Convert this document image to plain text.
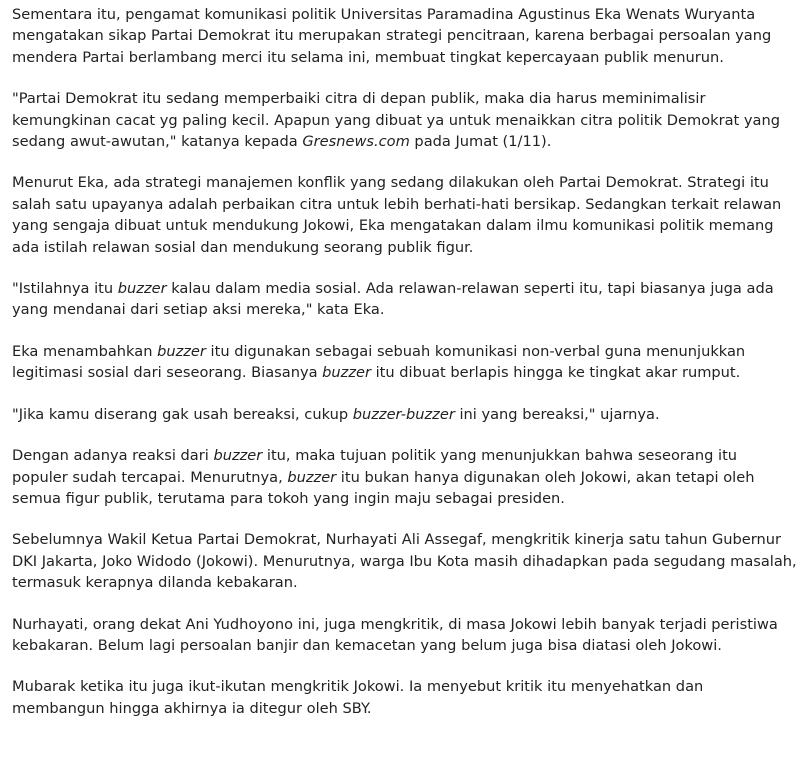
Sementara itu, pengamat komunikasi politik Universitas Paramadina Agustinus Eka Wenats Wuryanta mengatakan sikap Partai Demokrat itu merupakan strategi pencitraan, karena berbagai persoalan yang mendera Partai berlambang merci itu selama ini, membuat tingkat kepercayaan publik menurun.

"Partai Demokrat itu sedang memperbaiki citra di depan publik, maka dia harus meminimalisir kemungkinan cacat yg paling kecil. Apapun yang dibuat ya untuk menaikkan citra politik Demokrat yang sedang awut-awutan," katanya kepada Gresnews.com pada Jumat (1/11).

Menurut Eka, ada strategi manajemen konflik yang sedang dilakukan oleh Partai Demokrat. Strategi itu salah satu upayanya adalah perbaikan citra untuk lebih berhati-hati bersikap. Sedangkan terkait relawan yang sengaja dibuat untuk mendukung Jokowi, Eka mengatakan dalam ilmu komunikasi politik memang ada istilah relawan sosial dan mendukung seorang publik figur.

"Istilahnya itu buzzer kalau dalam media sosial. Ada relawan-relawan seperti itu, tapi biasanya juga ada yang mendanai dari setiap aksi mereka," kata Eka.

Eka menambahkan buzzer itu digunakan sebagai sebuah komunikasi non-verbal guna menunjukkan legitimasi sosial dari seseorang. Biasanya buzzer itu dibuat berlapis hingga ke tingkat akar rumput.

"Jika kamu diserang gak usah bereaksi, cukup buzzer-buzzer ini yang bereaksi," ujarnya.

Dengan adanya reaksi dari buzzer itu, maka tujuan politik yang menunjukkan bahwa seseorang itu populer sudah tercapai. Menurutnya, buzzer itu bukan hanya digunakan oleh Jokowi, akan tetapi oleh semua figur publik, terutama para tokoh yang ingin maju sebagai presiden.

Sebelumnya Wakil Ketua Partai Demokrat, Nurhayati Ali Assegaf, mengkritik kinerja satu tahun Gubernur DKI Jakarta, Joko Widodo (Jokowi). Menurutnya, warga Ibu Kota masih dihadapkan pada segudang masalah, termasuk kerapnya dilanda kebakaran.

Nurhayati, orang dekat Ani Yudhoyono ini, juga mengkritik, di masa Jokowi lebih banyak terjadi peristiwa kebakaran. Belum lagi persoalan banjir dan kemacetan yang belum juga bisa diatasi oleh Jokowi.

Mubarak ketika itu juga ikut-ikutan mengkritik Jokowi. Ia menyebut kritik itu menyehatkan dan membangun hingga akhirnya ia ditegur oleh SBY.
